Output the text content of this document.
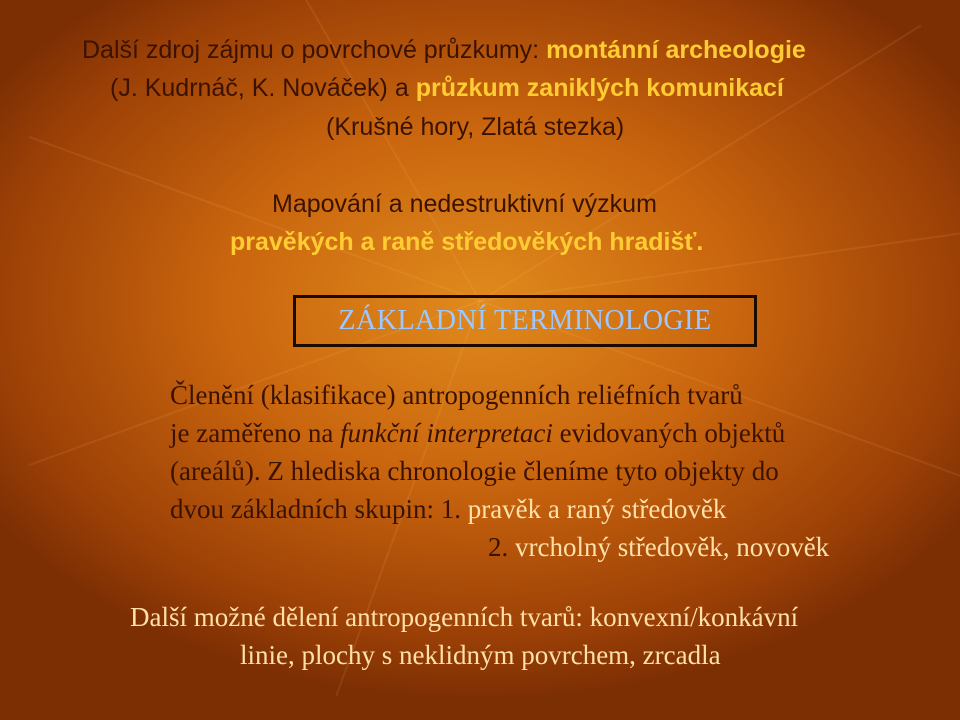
Další zdroj zájmu o povrchové průzkumy: montánní archeologie
(J. Kudrnáč, K. Nováček) a průzkum zaniklých komunikací
(Krušné hory, Zlatá stezka)
Mapování a nedestruktivní výzkum
pravěkých a raně středověkých hradišť.
ZÁKLADNÍ TERMINOLOGIE
Členění (klasifikace) antropogenních reliéfních tvarů
je zaměřeno na funkční interpretaci evidovaných objektů
(areálů). Z hlediska chronologie členíme tyto objekty do
dvou základních skupin: 1. pravěk a raný středověk
2. vrcholný středověk, novověk
Další možné dělení antropogenních tvarů: konvexní/konkávní
linie, plochy s neklidným povrchem, zrcadla
